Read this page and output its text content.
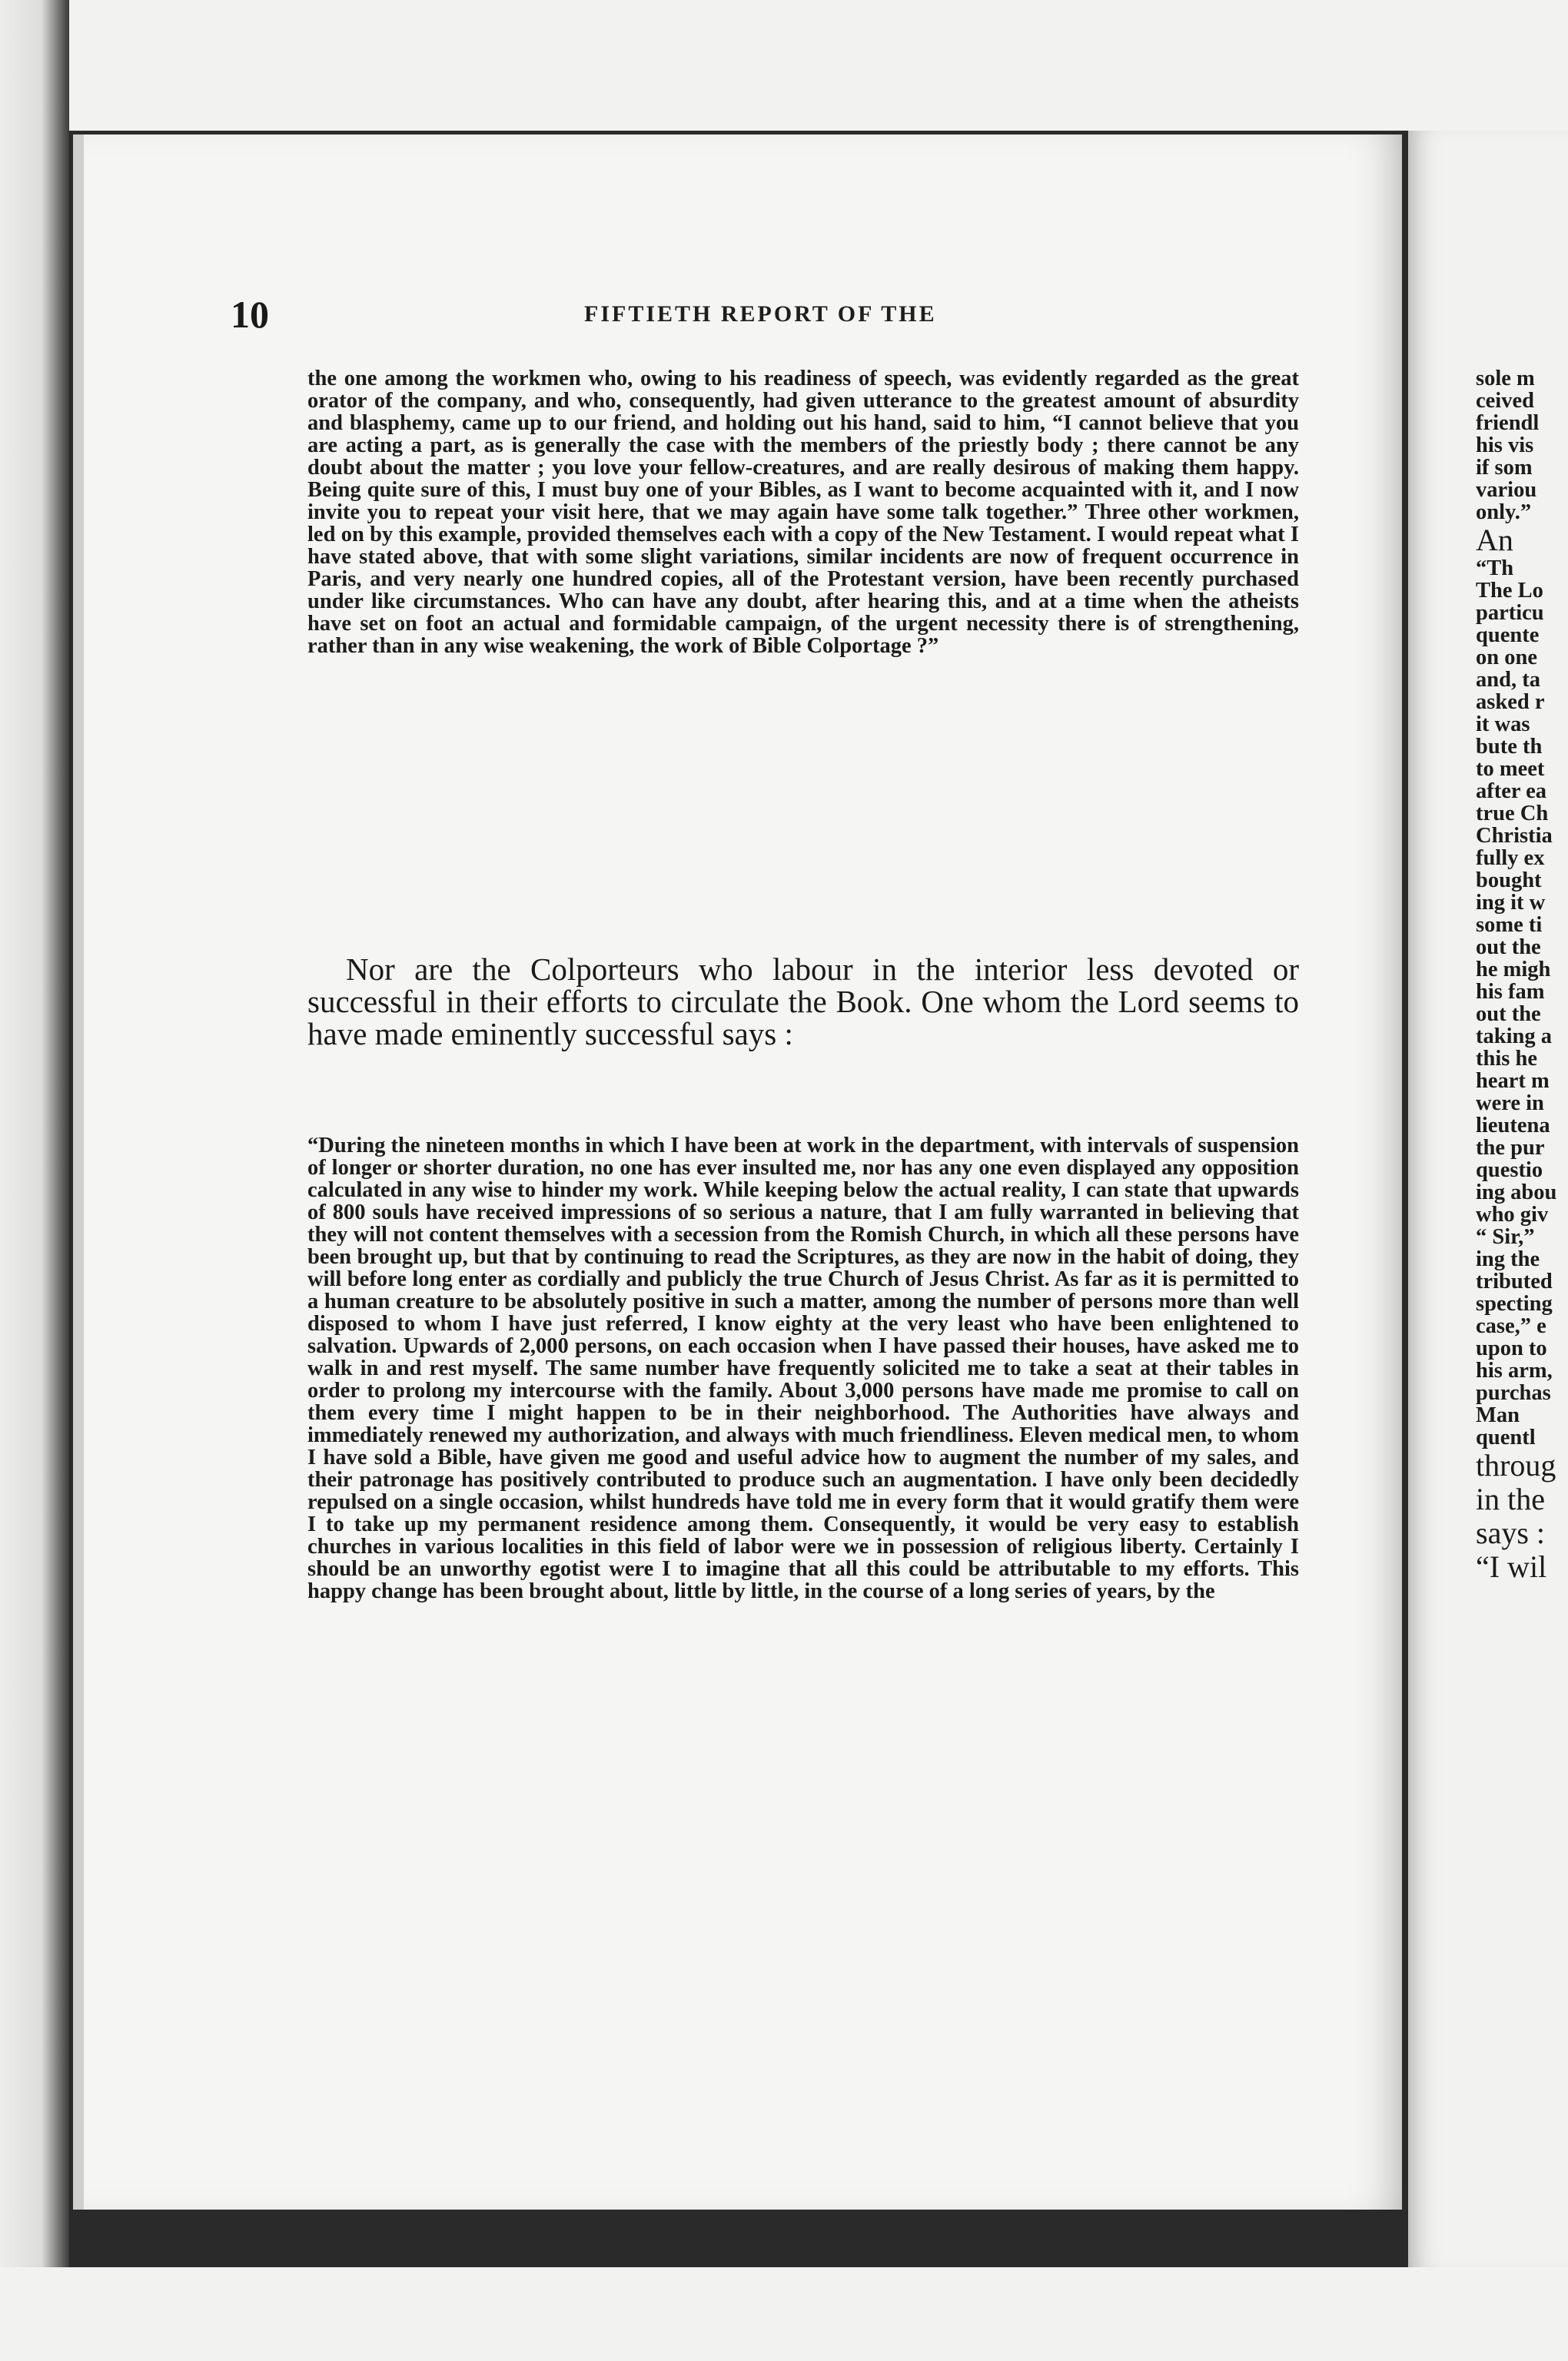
10	FIFTIETH REPORT OF THE

the one among the workmen who, owing to his readiness of speech, was evidently regarded as the great orator of the company, and who, consequently, had given utterance to the greatest amount of absurdity and blasphemy, came up to our friend, and holding out his hand, said to him, “I cannot believe that you are acting a part, as is generally the case with the members of the priestly body ; there cannot be any doubt about the matter ; you love your fellow-creatures, and are really desirous of making them happy. Being quite sure of this, I must buy one of your Bibles, as I want to become acquainted with it, and I now invite you to repeat your visit here, that we may again have some talk together.” Three other workmen, led on by this example, provided themselves each with a copy of the New Testament. I would repeat what I have stated above, that with some slight variations, similar incidents are now of frequent occurrence in Paris, and very nearly one hundred copies, all of the Protestant version, have been recently purchased under like circumstances. Who can have any doubt, after hearing this, and at a time when the atheists have set on foot an actual and formidable campaign, of the urgent necessity there is of strengthening, rather than in any wise weakening, the work of Bible Colportage ?”

Nor are the Colporteurs who labour in the interior less devoted or successful in their efforts to circulate the Book. One whom the Lord seems to have made eminently successful says :

“During the nineteen months in which I have been at work in the department, with intervals of suspension of longer or shorter duration, no one has ever insulted me, nor has any one even displayed any opposition calculated in any wise to hinder my work. While keeping below the actual reality, I can state that upwards of 800 souls have received impressions of so serious a nature, that I am fully warranted in believing that they will not content themselves with a secession from the Romish Church, in which all these persons have been brought up, but that by continuing to read the Scriptures, as they are now in the habit of doing, they will before long enter as cordially and publicly the true Church of Jesus Christ. As far as it is permitted to a human creature to be absolutely positive in such a matter, among the number of persons more than well disposed to whom I have just referred, I know eighty at the very least who have been enlightened to salvation. Upwards of 2,000 persons, on each occasion when I have passed their houses, have asked me to walk in and rest myself. The same number have frequently solicited me to take a seat at their tables in order to prolong my intercourse with the family. About 3,000 persons have made me promise to call on them every time I might happen to be in their neighborhood. The Authorities have always and immediately renewed my authorization, and always with much friendliness. Eleven medical men, to whom I have sold a Bible, have given me good and useful advice how to augment the number of my sales, and their patronage has positively contributed to produce such an augmentation. I have only been decidedly repulsed on a single occasion, whilst hundreds have told me in every form that it would gratify them were I to take up my permanent residence among them. Consequently, it would be very easy to establish churches in various localities in this field of labor were we in possession of religious liberty. Certainly I should be an unworthy egotist were I to imagine that all this could be attributable to my efforts. This happy change has been brought about, little by little, in the course of a long series of years, by the

sole m
ceived
friendl
his vis
if som
variou
only.”
An
“Th
The Lo
particu
quente
on one
and, ta
asked r
it was
bute th
to meet
after ea
true Ch
Christia
fully ex
bought
ing it w
some ti
out the
he migh
his fam
out the
taking a
this he
heart m
were in
lieutena
the pur
questio
ing abou
who giv
“ Sir,”
ing the
tributed
specting
case,” e
upon to
his arm,
purchas
Man
quentl
throug
in the
says :
“I wil
